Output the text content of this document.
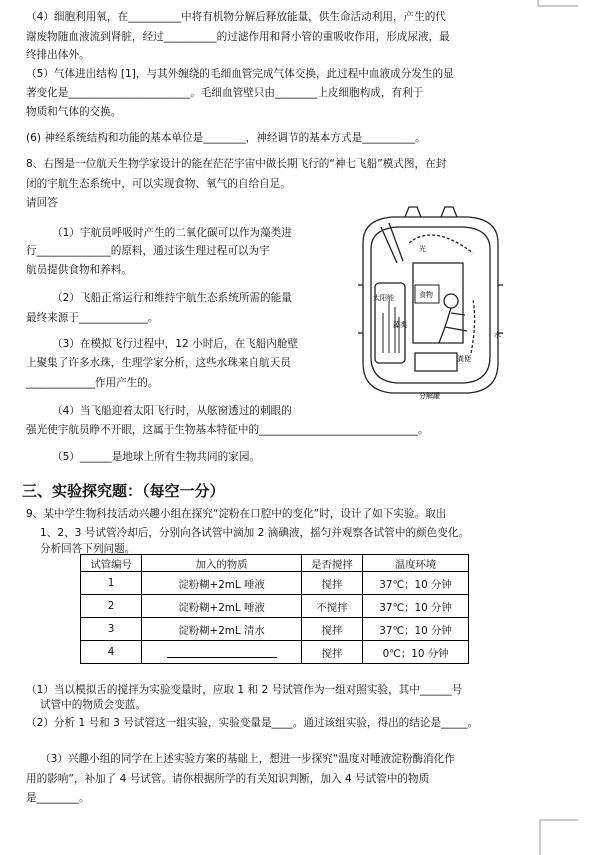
（4）细胞利用氧，在__________中将有机物分解后释放能量，供生命活动利用，产生的代
谢废物随血液流到肾脏，经过__________的过滤作用和肾小管的重吸收作用，形成尿液，最
终排出体外。
（5）气体进出结构 [1]，与其外缠绕的毛细血管完成气体交换，此过程中血液成分发生的显
著变化是_______________________。毛细血管壁只由________上皮细胞构成，有利于
物质和气体的交换。
(6) 神经系统结构和功能的基本单位是________，神经调节的基本方式是__________。
8、右图是一位航天生物学家设计的能在茫茫宇宙中做长期飞行的“神七飞船”模式图，在封
闭的宇航生态系统中，可以实现食物、氧气的自给自足。
请回答
（1）宇航员呼吸时产生的二氧化碳可以作为藻类进
行______________的原料，通过该生理过程可以为宇
航员提供食物和养料。
（2）飞船正常运行和维持宇航生态系统所需的能量
最终来源于_____________。
（3）在模拟飞行过程中，12 小时后，在飞船内舱壁
上聚集了许多水珠，生理学家分析，这些水珠来自航天员
_____________作用产生的。
（4）当飞船迎着太阳飞行时，从舷窗透过的刺眼的
强光使宇航员睁不开眼，这属于生物基本特征中的______________________________。
（5）______是地球上所有生物共同的家园。
太阳能	食物
藻类
粪便
分解罐
水
光
三、实验探究题：（每空一分）
9、某中学生物科技活动兴趣小组在探究“淀粉在口腔中的变化”时，设计了如下实验。取出
1、2、3 号试管冷却后，分别向各试管中滴加 2 滴碘液，摇匀并观察各试管中的颜色变化。
分析回答下列问题。
试管编号	加入的物质	是否搅拌	温度环境
1	淀粉糊+2mL 唾液	搅拌	37℃；10 分钟
2	淀粉糊+2mL 唾液	不搅拌	37℃；10 分钟
3	淀粉糊+2mL 清水	搅拌	37℃；10 分钟
4		搅拌	0℃；10 分钟
（1）当以模拟舌的搅拌为实验变量时，应取 1 和 2 号试管作为一组对照实验，其中______号
试管中的物质会变蓝。
（2）分析 1 号和 3 号试管这一组实验，实验变量是____。通过该组实验，得出的结论是_____。
（3）兴趣小组的同学在上述实验方案的基础上，想进一步探究“温度对唾液淀粉酶消化作
用的影响”，补加了 4 号试管。请你根据所学的有关知识判断，加入 4 号试管中的物质
是________。
